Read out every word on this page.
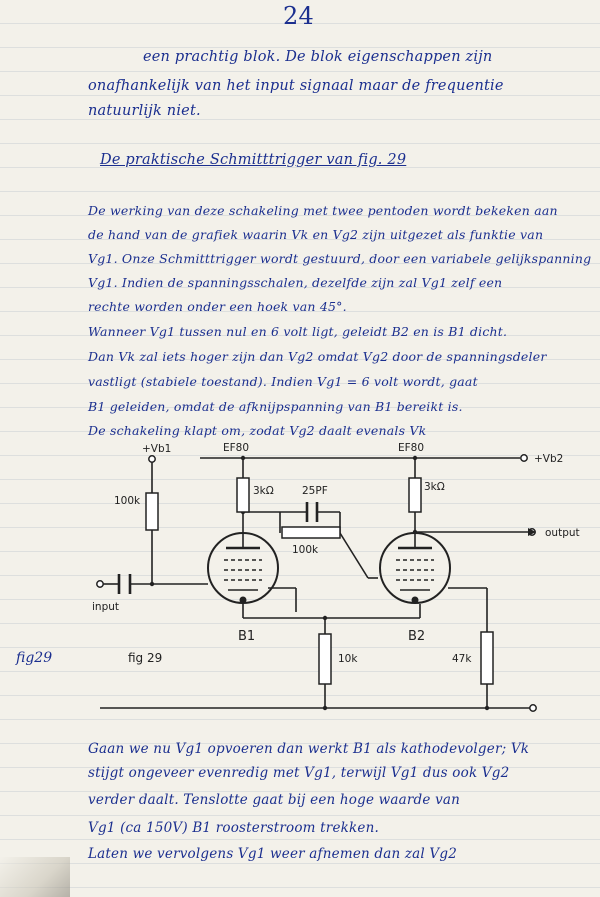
24
een prachtig blok. De blok eigenschappen zijn
onafhankelijk van het input signaal maar de frequentie
natuurlijk niet.
De praktische Schmitttrigger van fig. 29
De werking van deze schakeling met twee pentoden wordt bekeken aan
de hand van de grafiek waarin Vk en Vg2 zijn uitgezet als funktie van
Vg1. Onze Schmitttrigger wordt gestuurd, door een variabele gelijkspanning
Vg1. Indien de spanningsschalen, dezelfde zijn zal Vg1 zelf een
rechte worden onder een hoek van 45°.
Wanneer Vg1 tussen nul en 6 volt ligt, geleidt B2 en is B1 dicht.
Dan Vk zal iets hoger zijn dan Vg2 omdat Vg2 door de spanningsdeler
vastligt (stabiele toestand). Indien Vg1 = 6 volt wordt, gaat
B1 geleiden, omdat de afknijpspanning van B1 bereikt is.
De schakeling klapt om, zodat Vg2 daalt evenals Vk
+Vb1
+Vb2
EF80	EF80
100k
3kΩ	3kΩ
25PF
100k
10k	47k
input
output
B1	B2
fig 29
fig29
Gaan we nu Vg1 opvoeren dan werkt B1 als kathodevolger; Vk
stijgt ongeveer evenredig met Vg1, terwijl Vg1 dus ook Vg2
verder daalt. Tenslotte gaat bij een hoge waarde van
Vg1 (ca 150V) B1 roosterstroom trekken.
Laten we vervolgens Vg1 weer afnemen dan zal Vg2
